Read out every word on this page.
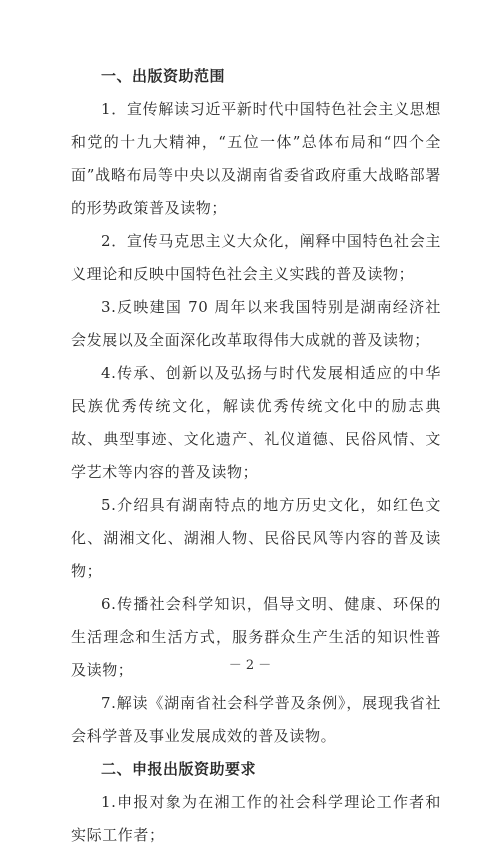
一、出版资助范围
1．宣传解读习近平新时代中国特色社会主义思想和党的十九大精神，“五位一体”总体布局和“四个全面”战略布局等中央以及湖南省委省政府重大战略部署的形势政策普及读物；
2．宣传马克思主义大众化，阐释中国特色社会主义理论和反映中国特色社会主义实践的普及读物；
3.反映建国 70 周年以来我国特别是湖南经济社会发展以及全面深化改革取得伟大成就的普及读物；
4.传承、创新以及弘扬与时代发展相适应的中华民族优秀传统文化，解读优秀传统文化中的励志典故、典型事迹、文化遗产、礼仪道德、民俗风情、文学艺术等内容的普及读物；
5.介绍具有湖南特点的地方历史文化，如红色文化、湖湘文化、湖湘人物、民俗民风等内容的普及读物；
6.传播社会科学知识，倡导文明、健康、环保的生活理念和生活方式，服务群众生产生活的知识性普及读物；
7.解读《湖南省社会科学普及条例》，展现我省社会科学普及事业发展成效的普及读物。
二、申报出版资助要求
1.申报对象为在湘工作的社会科学理论工作者和实际工作者；
－ 2 －
